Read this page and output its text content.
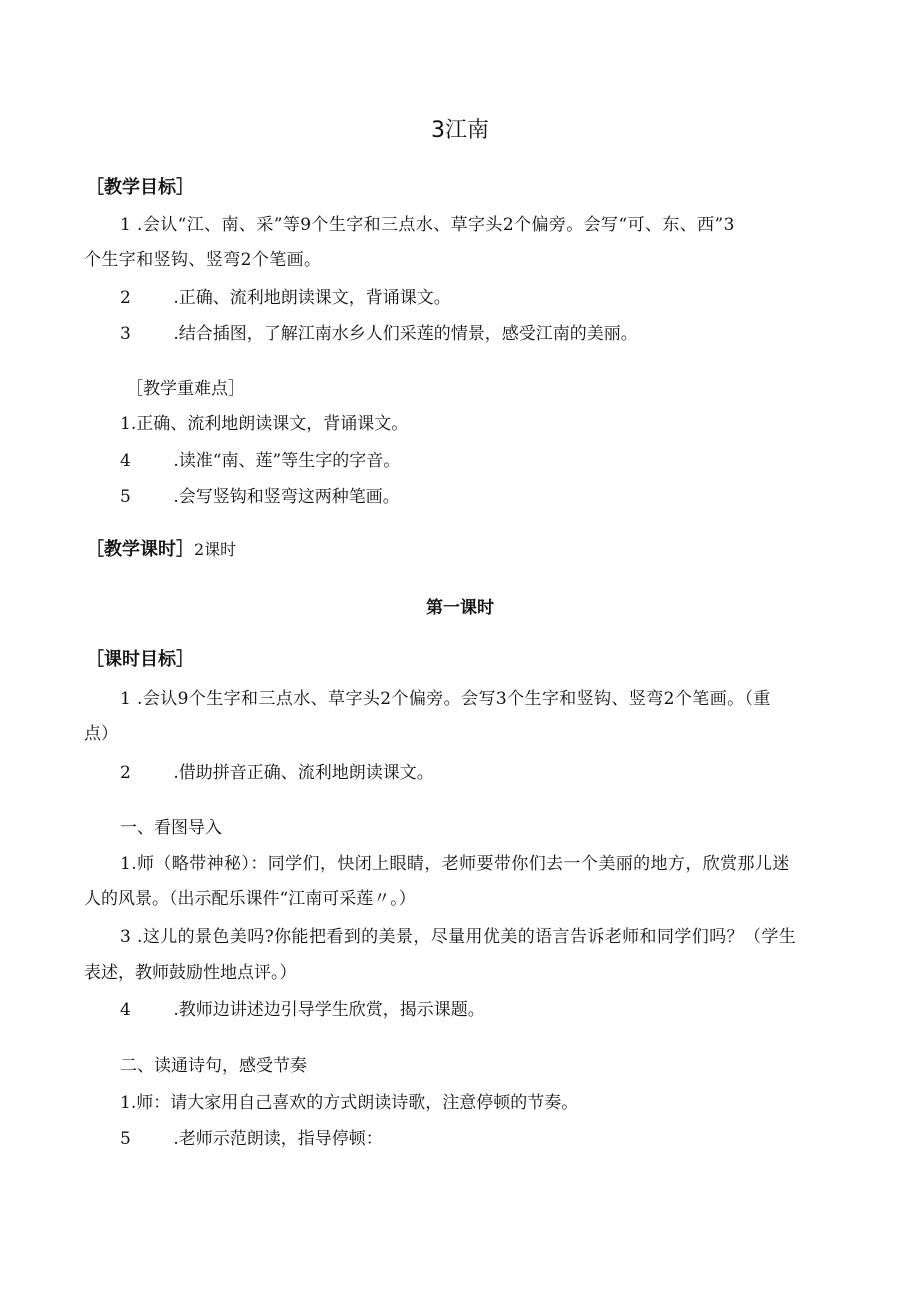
3江南
［教学目标］
1 .会认“江、南、采”等9个生字和三点水、草字头2个偏旁。会写“可、东、西”3
个生字和竖钩、竖弯2个笔画。
2	.正确、流利地朗读课文，背诵课文。
3	.结合插图，了解江南水乡人们采莲的情景，感受江南的美丽。
［教学重难点］
1.正确、流利地朗读课文，背诵课文。
4	.读准“南、莲”等生字的字音。
5	.会写竖钩和竖弯这两种笔画。
［教学课时］2课时
第一课时
［课时目标］
1 .会认9个生字和三点水、草字头2个偏旁。会写3个生字和竖钩、竖弯2个笔画。（重
点）
2	.借助拼音正确、流利地朗读课文。
一、看图导入
1.师（略带神秘）：同学们，快闭上眼睛，老师要带你们去一个美丽的地方，欣赏那儿迷
人的风景。（出示配乐课件“江南可采莲〃。）
3 .这儿的景色美吗?你能把看到的美景，尽量用优美的语言告诉老师和同学们吗？（学生
表述，教师鼓励性地点评。）
4	.教师边讲述边引导学生欣赏，揭示课题。
二、读通诗句，感受节奏
1.师：请大家用自己喜欢的方式朗读诗歌，注意停顿的节奏。
5	.老师示范朗读，指导停顿：
